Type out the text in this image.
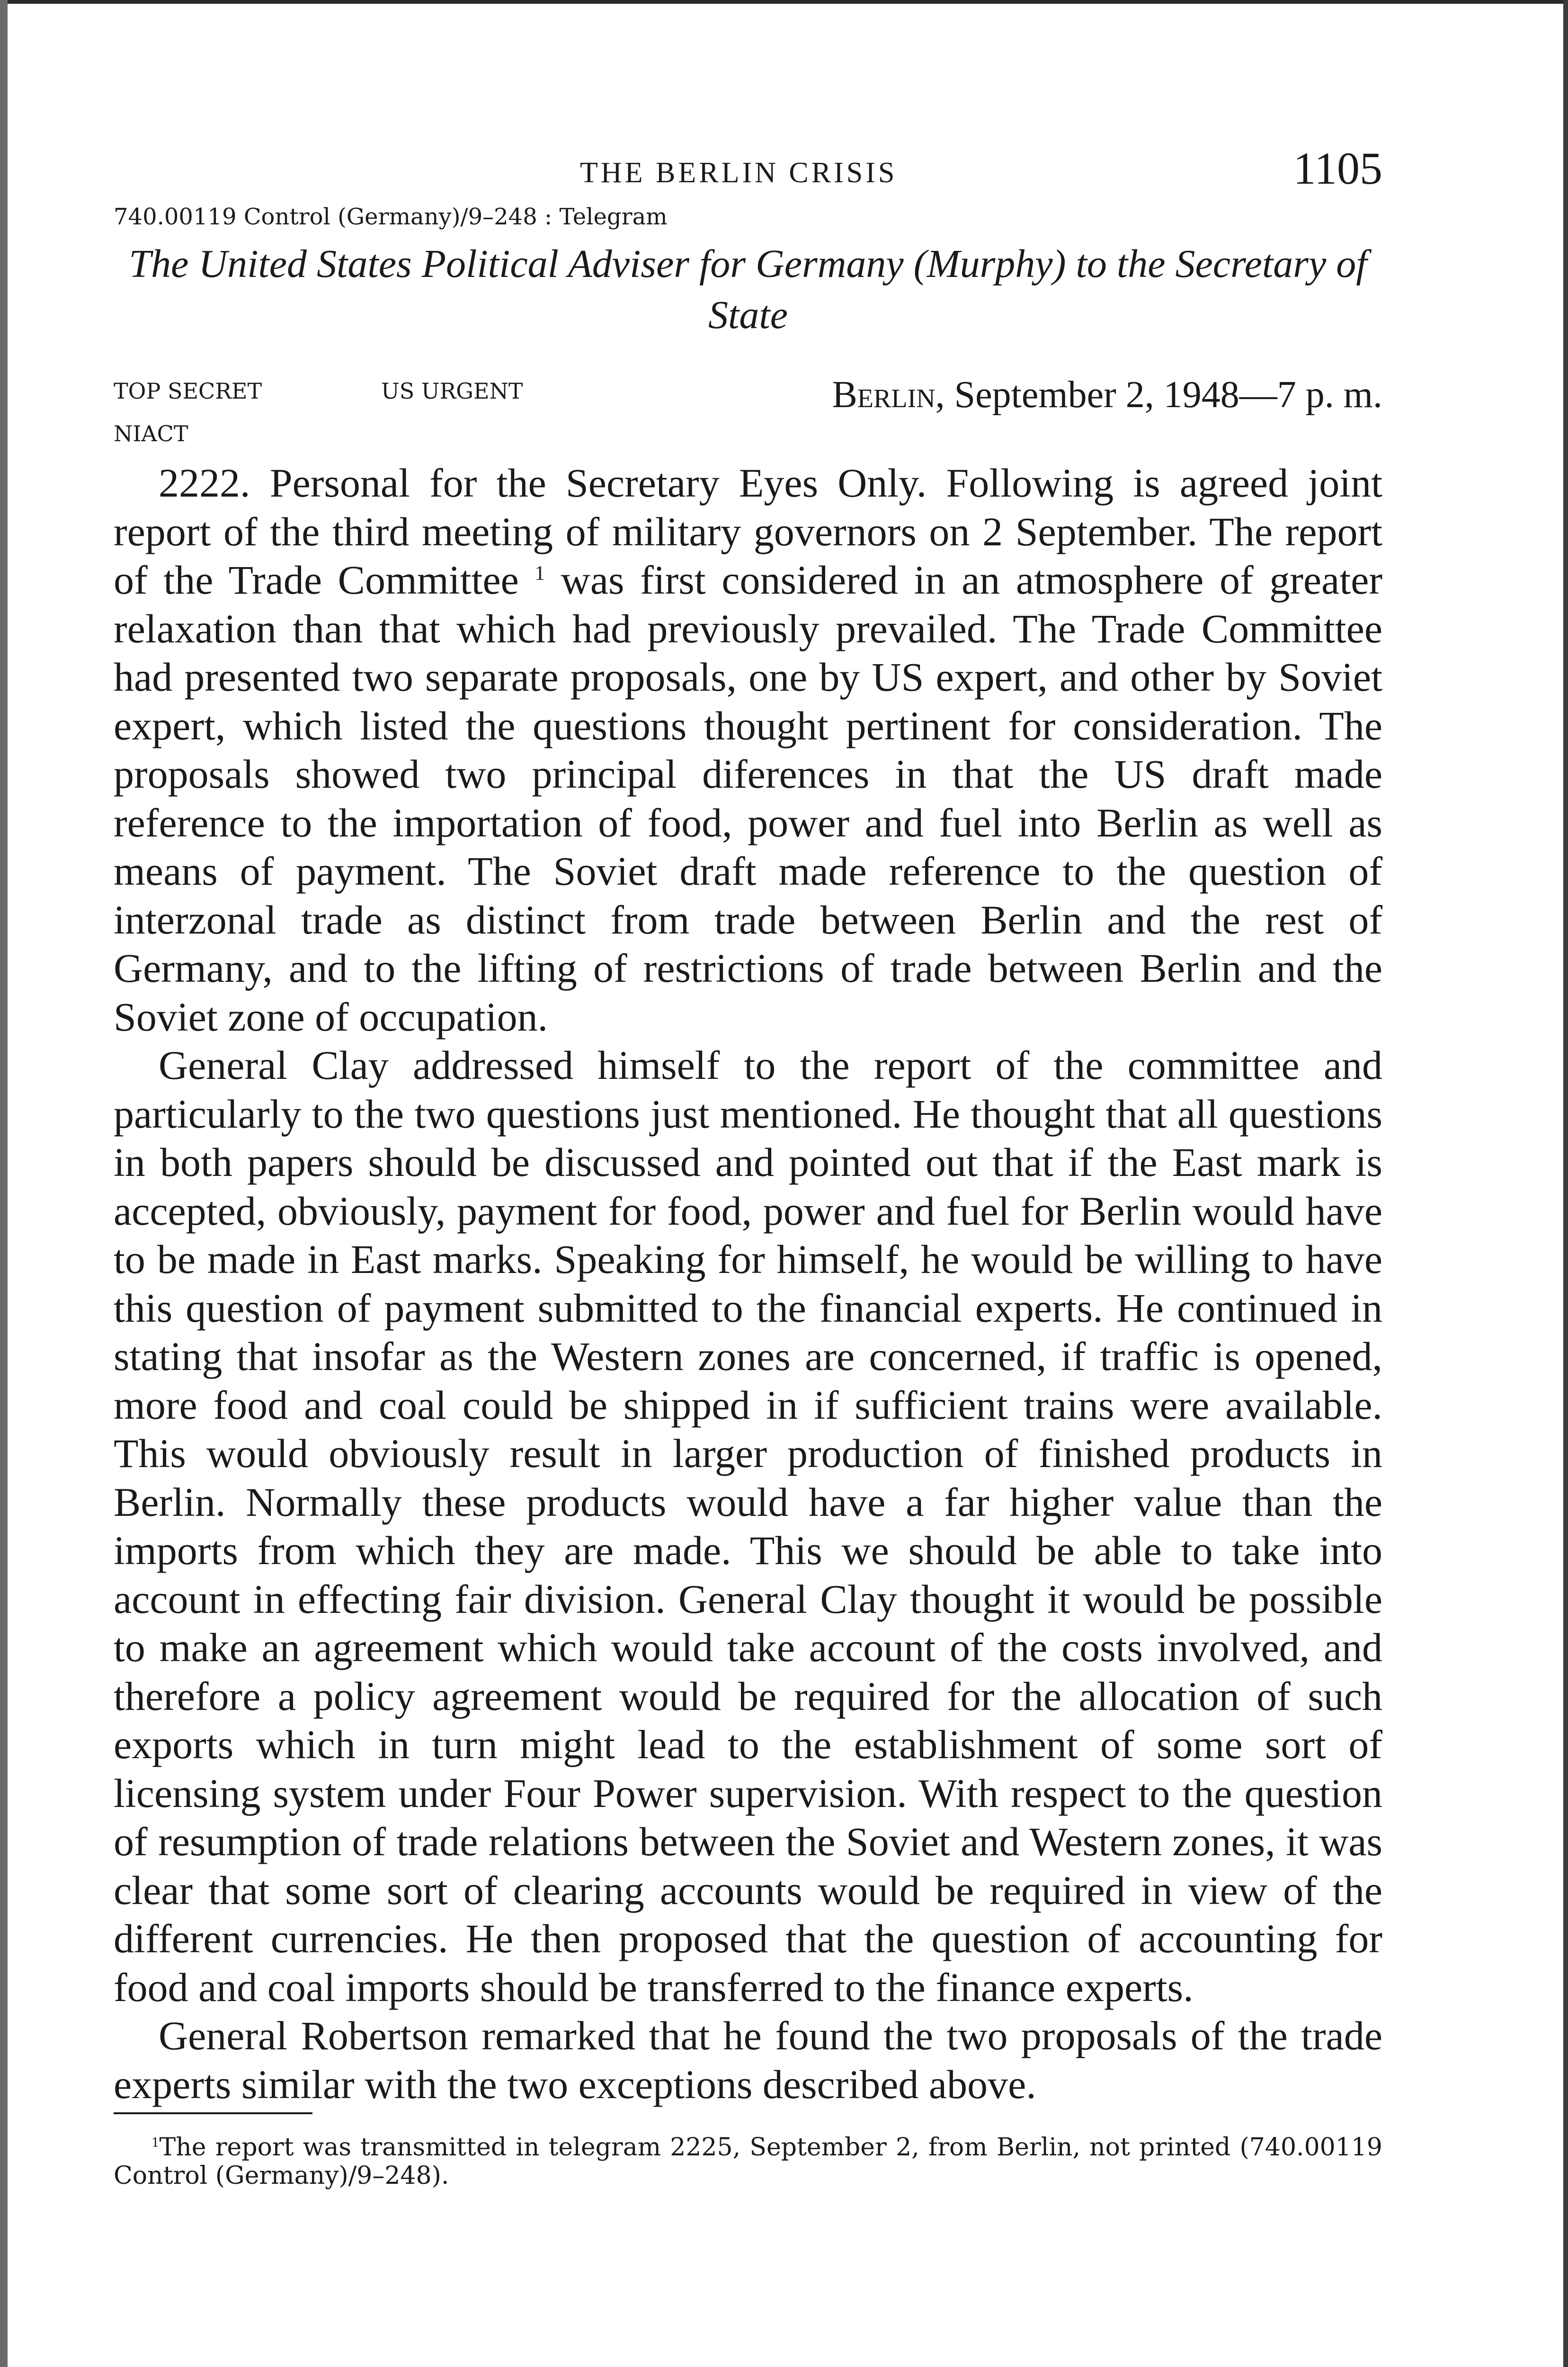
THE BERLIN CRISIS	1105
740.00119 Control (Germany)/9–248 : Telegram
The United States Political Adviser for Germany (Murphy) to the Secretary of State
TOP SECRET	US URGENT
NIACT
Berlin, September 2, 1948—7 p. m.

2222. Personal for the Secretary Eyes Only. Following is agreed joint report of the third meeting of military governors on 2 September. The report of the Trade Committee $^1$ was first considered in an atmosphere of greater relaxation than that which had previously prevailed. The Trade Committee had presented two separate proposals, one by US expert, and other by Soviet expert, which listed the questions thought pertinent for consideration. The proposals showed two principal diferences in that the US draft made reference to the importation of food, power and fuel into Berlin as well as means of payment. The Soviet draft made reference to the question of interzonal trade as distinct from trade between Berlin and the rest of Germany, and to the lifting of restrictions of trade between Berlin and the Soviet zone of occupation.

General Clay addressed himself to the report of the committee and particularly to the two questions just mentioned. He thought that all questions in both papers should be discussed and pointed out that if the East mark is accepted, obviously, payment for food, power and fuel for Berlin would have to be made in East marks. Speaking for himself, he would be willing to have this question of payment submitted to the financial experts. He continued in stating that insofar as the Western zones are concerned, if traffic is opened, more food and coal could be shipped in if sufficient trains were available. This would obviously result in larger production of finished products in Berlin. Normally these products would have a far higher value than the imports from which they are made. This we should be able to take into account in effecting fair division. General Clay thought it would be possible to make an agreement which would take account of the costs involved, and therefore a policy agreement would be required for the allocation of such exports which in turn might lead to the establishment of some sort of licensing system under Four Power supervision. With respect to the question of resumption of trade relations between the Soviet and Western zones, it was clear that some sort of clearing accounts would be required in view of the different currencies. He then proposed that the question of accounting for food and coal imports should be transferred to the finance experts.

General Robertson remarked that he found the two proposals of the trade experts similar with the two exceptions described above.

$^1$The report was transmitted in telegram 2225, September 2, from Berlin, not printed (740.00119 Control (Germany)/9–248).
